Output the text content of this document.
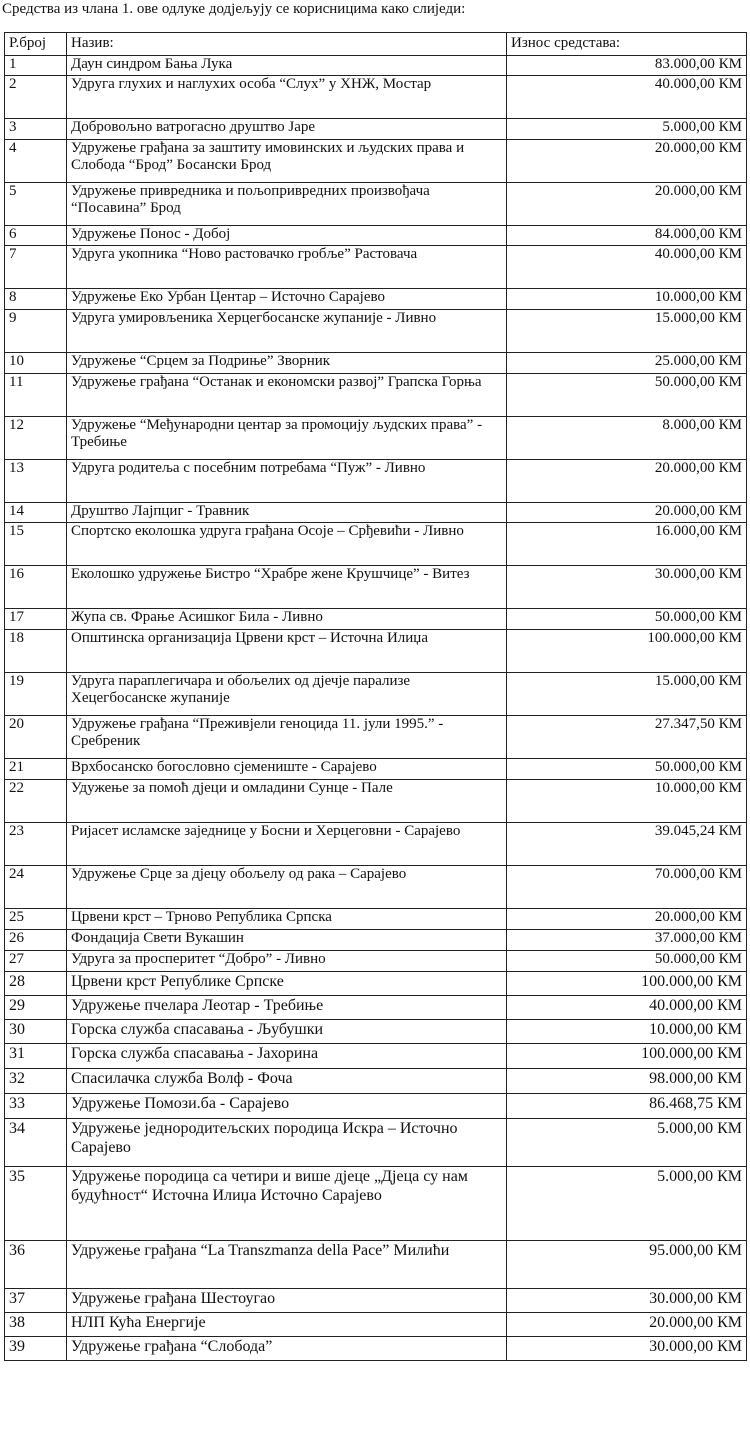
Средства из члана 1. ове одлуке додјељују се корисницима како слиједи:
Р.број	Назив:	Износ средстава:
1	Даун синдром Бања Лука	83.000,00 КМ
2	Удруга глухих и наглухих особа “Слух” у ХНЖ, Мостар	40.000,00 КМ
3	Добровољно ватрогасно друштво Јаре	5.000,00 КМ
4	Удружење грађана за заштиту имовинских и људских права и Слобода “Брод” Босански Брод	20.000,00 КМ
5	Удружење привредника и пољопривредних произвођача “Посавина” Брод	20.000,00 КМ
6	Удружење Понос - Добој	84.000,00 КМ
7	Удруга укопника “Ново растовачко гробље” Растовача	40.000,00 КМ
8	Удружење Еко Урбан Центар – Источно Сарајево	10.000,00 КМ
9	Удруга умировљеника Херцегбосанске жупаније - Ливно	15.000,00 КМ
10	Удружење “Срцем за Подриње” Зворник	25.000,00 КМ
11	Удружење грађана “Останак и економски развој” Грапска Горња	50.000,00 КМ
12	Удружење “Међународни центар за промоцију људских права” - Требиње	8.000,00 КМ
13	Удруга родитеља с посебним потребама “Пуж” - Ливно	20.000,00 КМ
14	Друштво Лајпциг - Травник	20.000,00 КМ
15	Спортско еколошка удруга грађана Осоје – Срђевићи - Ливно	16.000,00 КМ
16	Еколошко удружење Бистро “Храбре жене Крушчице” - Витез	30.000,00 КМ
17	Жупа св. Фрање Асишког Била - Ливно	50.000,00 КМ
18	Општинска организација Црвени крст – Источна Илиџа	100.000,00 КМ
19	Удруга параплегичара и обољелих од дјечје парализе Хецегбосанске жупаније	15.000,00 КМ
20	Удружење грађана “Преживјели геноцида 11. јули 1995.” - Сребреник	27.347,50 КМ
21	Врхбосанско богословно сјемениште - Сарајево	50.000,00 КМ
22	Удужење за помоћ дјеци и омладини Сунце - Пале	10.000,00 КМ
23	Ријасет исламске заједнице у Босни и Херцеговни - Сарајево	39.045,24 КМ
24	Удружење Срце за дјецу обољелу од рака – Сарајево	70.000,00 КМ
25	Црвени крст – Трново Република Српска	20.000,00 КМ
26	Фондација Свети Вукашин	37.000,00 КМ
27	Удруга за просперитет “Добро” - Ливно	50.000,00 КМ
28	Црвени крст Републике Српске	100.000,00 КМ
29	Удружење пчелара Леотар - Требиње	40.000,00 КМ
30	Горска служба спасавања - Љубушки	10.000,00 КМ
31	Горска служба спасавања - Јахорина	100.000,00 КМ
32	Спасилачка служба Волф - Фоча	98.000,00 КМ
33	Удружење Помози.ба - Сарајево	86.468,75 КМ
34	Удружење једнородитељских породица Искра – Источно Сарајево	5.000,00 КМ
35	Удружење породица са четири и више дјеце „Дјеца су нам будућност“ Источна Илиџа Источно Сарајево	5.000,00 КМ
36	Удружење грађана “La Transzmanza della Pace” Милићи	95.000,00 КМ
37	Удружење грађана Шестоугао	30.000,00 КМ
38	НЛП Кућа Енергије	20.000,00 КМ
39	Удружење грађана “Слобода”	30.000,00 КМ
